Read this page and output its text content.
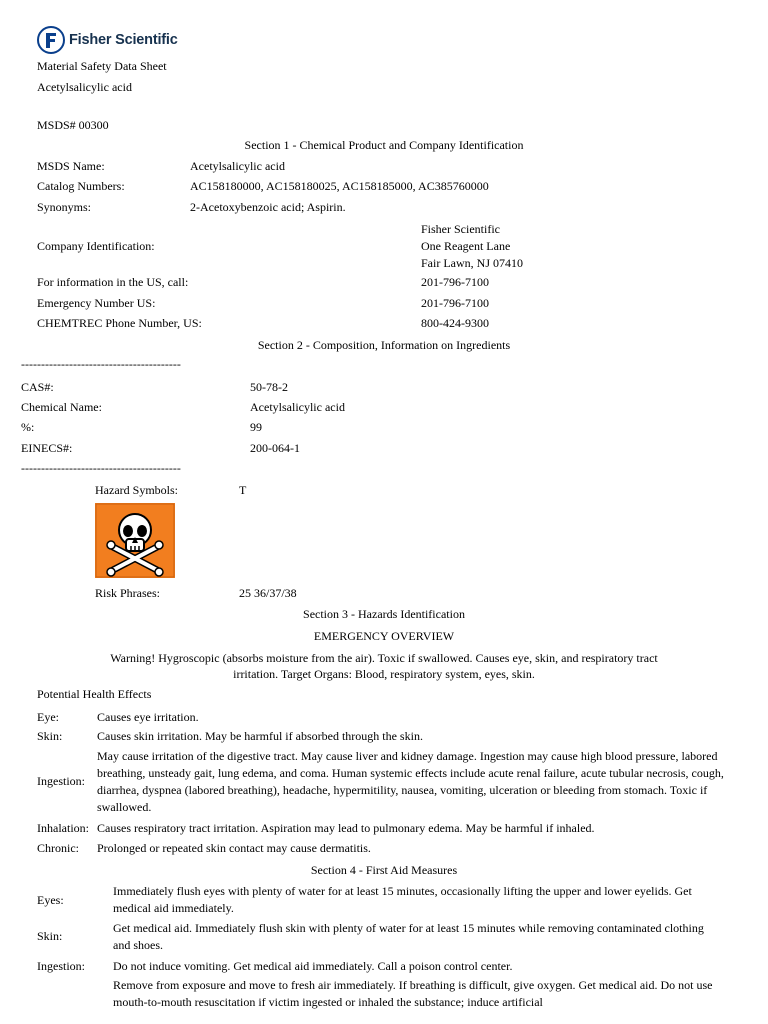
Fisher Scientific
Material Safety Data Sheet
Acetylsalicylic acid
MSDS# 00300
Section 1 - Chemical Product and Company Identification
MSDS Name:	Acetylsalicylic acid
Catalog Numbers:	AC158180000, AC158180025, AC158185000, AC385760000
Synonyms:	2-Acetoxybenzoic acid; Aspirin.
Company Identification:
Fisher Scientific
One Reagent Lane
Fair Lawn, NJ 07410
For information in the US, call:	201-796-7100
Emergency Number US:	201-796-7100
CHEMTREC Phone Number, US:	800-424-9300
Section 2 - Composition, Information on Ingredients
----------------------------------------
CAS#:	50-78-2
Chemical Name:	Acetylsalicylic acid
%:	99
EINECS#:	200-064-1
----------------------------------------
Hazard Symbols:	T
Risk Phrases:	25 36/37/38
Section 3 - Hazards Identification
EMERGENCY OVERVIEW
Warning! Hygroscopic (absorbs moisture from the air). Toxic if swallowed. Causes eye, skin, and respiratory tract
irritation. Target Organs: Blood, respiratory system, eyes, skin.
Potential Health Effects
Eye:	Causes eye irritation.
Skin:	Causes skin irritation. May be harmful if absorbed through the skin.
Ingestion:
May cause irritation of the digestive tract. May cause liver and kidney damage. Ingestion may cause high blood pressure, labored breathing, unsteady gait, lung edema, and coma. Human systemic effects include acute renal failure, acute tubular necrosis, cough, diarrhea, dyspnea (labored breathing), headache, hypermitility, nausea, vomiting, ulceration or bleeding from stomach. Toxic if swallowed.
Inhalation: Causes respiratory tract irritation. Aspiration may lead to pulmonary edema. May be harmful if inhaled.
Chronic: Prolonged or repeated skin contact may cause dermatitis.
Section 4 - First Aid Measures
Eyes:
Immediately flush eyes with plenty of water for at least 15 minutes, occasionally lifting the upper and lower eyelids. Get medical aid immediately.
Skin:
Get medical aid. Immediately flush skin with plenty of water for at least 15 minutes while removing contaminated clothing and shoes.
Ingestion: Do not induce vomiting. Get medical aid immediately. Call a poison control center.
Remove from exposure and move to fresh air immediately. If breathing is difficult, give oxygen. Get medical aid. Do not use mouth-to-mouth resuscitation if victim ingested or inhaled the substance; induce artificial
